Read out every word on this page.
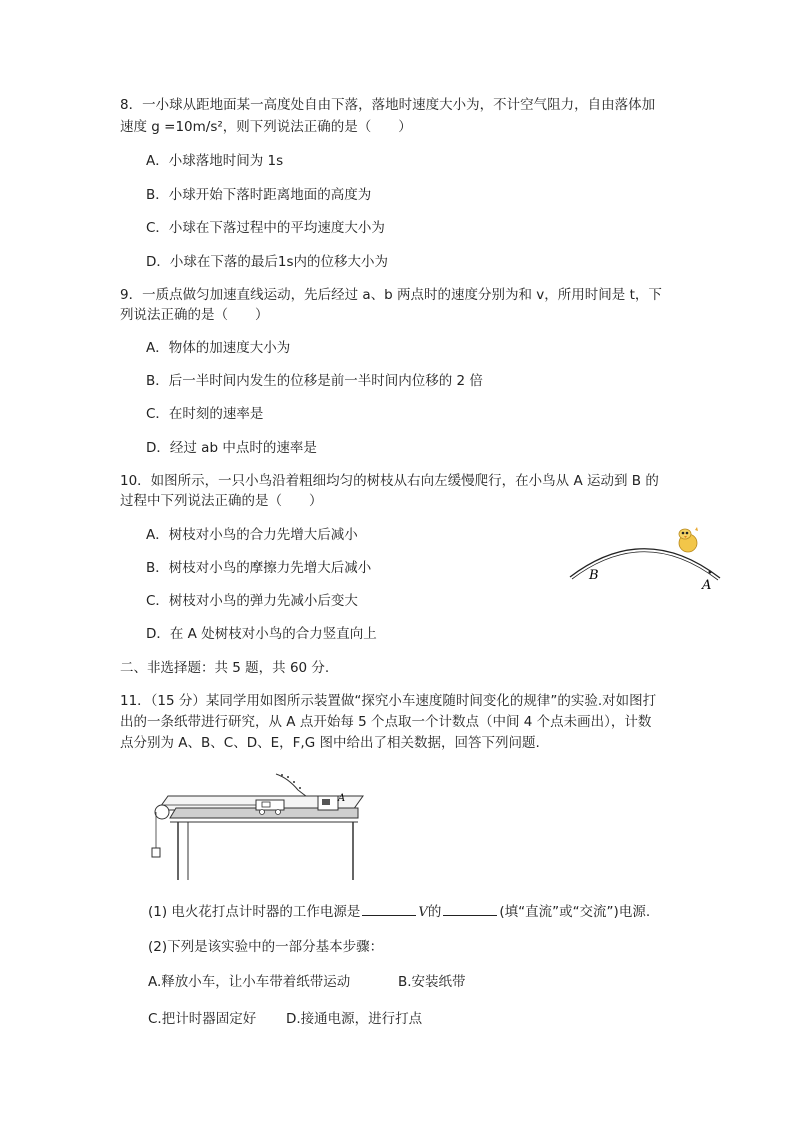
8．一小球从距地面某一高度处自由下落，落地时速度大小为，不计空气阻力，自由落体加
速度 g =10m/s²，则下列说法正确的是（　　）
A．小球落地时间为 1s
B．小球开始下落时距离地面的高度为
C．小球在下落过程中的平均速度大小为
D．小球在下落的最后1s内的位移大小为
9．一质点做匀加速直线运动，先后经过 a、b 两点时的速度分别为和 v，所用时间是 t，下
列说法正确的是（　　）
A．物体的加速度大小为
B．后一半时间内发生的位移是前一半时间内位移的 2 倍
C．在时刻的速率是
D．经过 ab 中点时的速率是
10．如图所示，一只小鸟沿着粗细均匀的树枝从右向左缓慢爬行，在小鸟从 A 运动到 B 的
过程中下列说法正确的是（　　）
A．树枝对小鸟的合力先增大后减小
B．树枝对小鸟的摩擦力先增大后减小
C．树枝对小鸟的弹力先减小后变大
D．在 A 处树枝对小鸟的合力竖直向上
B
A
二、非选择题：共 5 题，共 60 分.
11．（15 分）某同学用如图所示装置做“探究小车速度随时间变化的规律”的实验.对如图打
出的一条纸带进行研究，从 A 点开始每 5 个点取一个计数点（中间 4 个点未画出），计数
点分别为 A、B、C、D、E，F,G 图中给出了相关数据，回答下列问题.
A
(1) 电火花打点计时器的工作电源是	V的	(填“直流”或“交流”)电源.
(2)下列是该实验中的一部分基本步骤：
A.释放小车，让小车带着纸带运动	B.安装纸带
C.把计时器固定好 D.接通电源，进行打点
